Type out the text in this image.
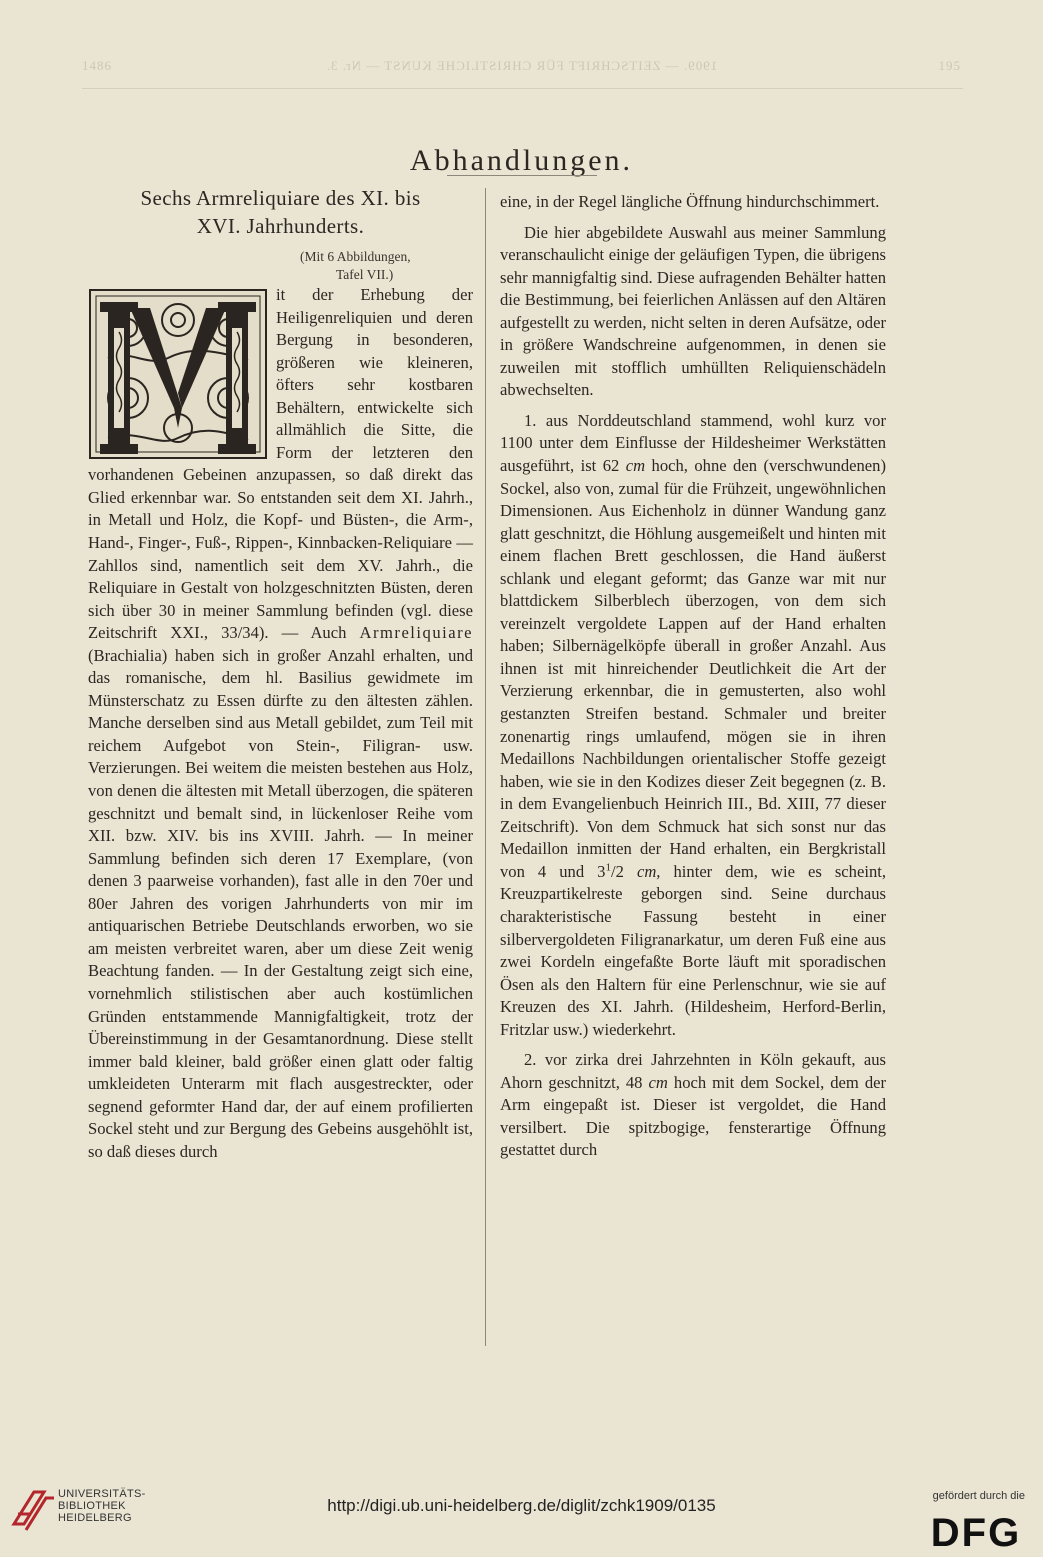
1486	1909. — ZEITSCHRIFT FÜR CHRISTLICHE KUNST — Nr. 3.	195
Abhandlungen.
Sechs Armreliquiare des XI. bis
XVI. Jahrhunderts.
(Mit 6 Abbildungen,
Tafel VII.)

it der Erhebung der Heiligenreliquien und deren Bergung in besonderen, größeren wie kleineren, öfters sehr kostbaren Behältern, entwickelte sich allmählich die Sitte, die Form der letzteren den vorhandenen Gebeinen anzupassen, so daß direkt das Glied erkennbar war. So entstanden seit dem XI. Jahrh., in Metall und Holz, die Kopf- und Büsten-, die Arm-, Hand-, Finger-, Fuß-, Rippen-, Kinnbacken-Reliquiare — Zahllos sind, namentlich seit dem XV. Jahrh., die Reliquiare in Gestalt von holzgeschnitzten Büsten, deren sich über 30 in meiner Sammlung befinden (vgl. diese Zeitschrift XXI., 33/34). — Auch Armreliquiare (Brachialia) haben sich in großer Anzahl erhalten, und das romanische, dem hl. Basilius gewidmete im Münsterschatz zu Essen dürfte zu den ältesten zählen. Manche derselben sind aus Metall gebildet, zum Teil mit reichem Aufgebot von Stein-, Filigran- usw. Verzierungen. Bei weitem die meisten bestehen aus Holz, von denen die ältesten mit Metall überzogen, die späteren geschnitzt und bemalt sind, in lückenloser Reihe vom XII. bzw. XIV. bis ins XVIII. Jahrh. — In meiner Sammlung befinden sich deren 17 Exemplare, (von denen 3 paarweise vorhanden), fast alle in den 70er und 80er Jahren des vorigen Jahrhunderts von mir im antiquarischen Betriebe Deutschlands erworben, wo sie am meisten verbreitet waren, aber um diese Zeit wenig Beachtung fanden. — In der Gestaltung zeigt sich eine, vornehmlich stilistischen aber auch kostümlichen Gründen entstammende Mannigfaltigkeit, trotz der Übereinstimmung in der Gesamtanordnung. Diese stellt immer bald kleiner, bald größer einen glatt oder faltig umkleideten Unterarm mit flach ausgestreckter, oder segnend geformter Hand dar, der auf einem profilierten Sockel steht und zur Bergung des Gebeins ausgehöhlt ist, so daß dieses durch

eine, in der Regel längliche Öffnung hindurchschimmert.

Die hier abgebildete Auswahl aus meiner Sammlung veranschaulicht einige der geläufigen Typen, die übrigens sehr mannigfaltig sind. Diese aufragenden Behälter hatten die Bestimmung, bei feierlichen Anlässen auf den Altären aufgestellt zu werden, nicht selten in deren Aufsätze, oder in größere Wandschreine aufgenommen, in denen sie zuweilen mit stofflich umhüllten Reliquienschädeln abwechselten.

1. aus Norddeutschland stammend, wohl kurz vor 1100 unter dem Einflusse der Hildesheimer Werkstätten ausgeführt, ist 62 cm hoch, ohne den (verschwundenen) Sockel, also von, zumal für die Frühzeit, ungewöhnlichen Dimensionen. Aus Eichenholz in dünner Wandung ganz glatt geschnitzt, die Höhlung ausgemeißelt und hinten mit einem flachen Brett geschlossen, die Hand äußerst schlank und elegant geformt; das Ganze war mit nur blattdickem Silberblech überzogen, von dem sich vereinzelt vergoldete Lappen auf der Hand erhalten haben; Silbernägelköpfe überall in großer Anzahl. Aus ihnen ist mit hinreichender Deutlichkeit die Art der Verzierung erkennbar, die in gemusterten, also wohl gestanzten Streifen bestand. Schmaler und breiter zonenartig rings umlaufend, mögen sie in ihren Medaillons Nachbildungen orientalischer Stoffe gezeigt haben, wie sie in den Kodizes dieser Zeit begegnen (z. B. in dem Evangelienbuch Heinrich III., Bd. XIII, 77 dieser Zeitschrift). Von dem Schmuck hat sich sonst nur das Medaillon inmitten der Hand erhalten, ein Bergkristall von 4 und $3^1/2$ cm, hinter dem, wie es scheint, Kreuzpartikelreste geborgen sind. Seine durchaus charakteristische Fassung besteht in einer silbervergoldeten Filigranarkatur, um deren Fuß eine aus zwei Kordeln eingefaßte Borte läuft mit sporadischen Ösen als den Haltern für eine Perlenschnur, wie sie auf Kreuzen des XI. Jahrh. (Hildesheim, Herford-Berlin, Fritzlar usw.) wiederkehrt.

2. vor zirka drei Jahrzehnten in Köln gekauft, aus Ahorn geschnitzt, 48 cm hoch mit dem Sockel, dem der Arm eingepaßt ist. Dieser ist vergoldet, die Hand versilbert. Die spitzbogige, fensterartige Öffnung gestattet durch

UNIVERSITÄTS-
BIBLIOTHEK
HEIDELBERG
http://digi.ub.uni-heidelberg.de/diglit/zchk1909/0135	gefördert durch die
DFG
